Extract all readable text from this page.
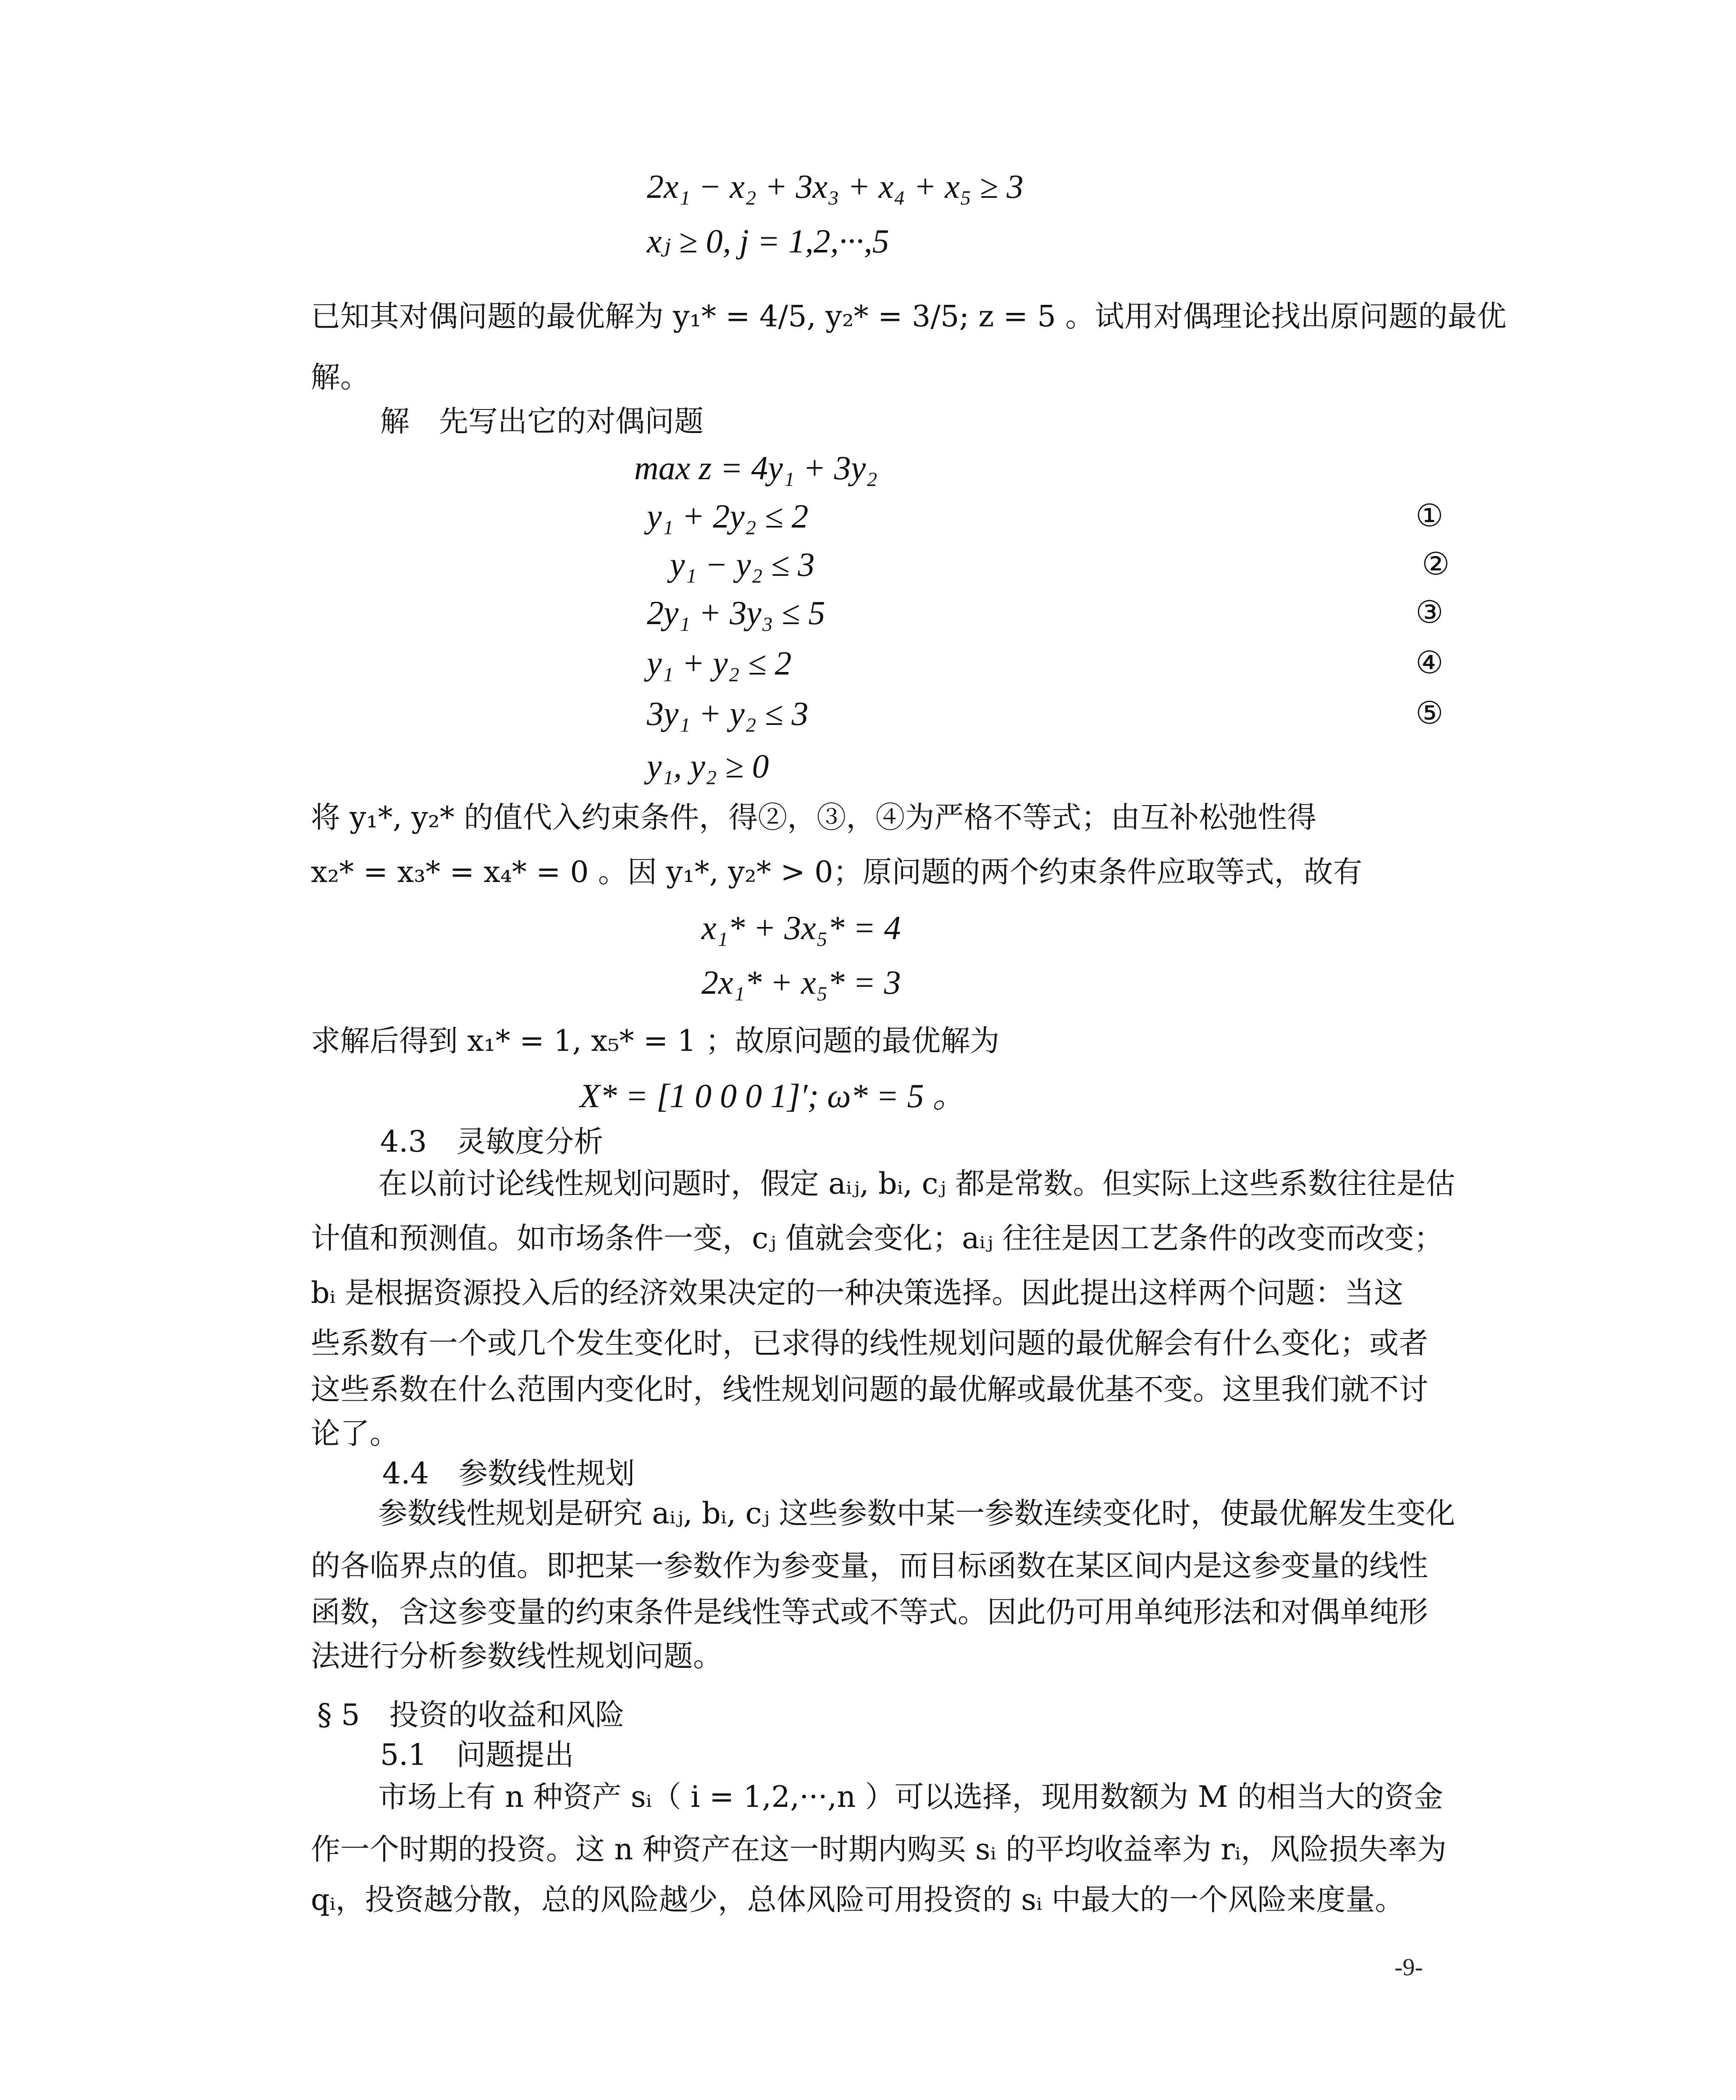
2x₁ − x₂ + 3x₃ + x₄ + x₅ ≥ 3
xⱼ ≥ 0, j = 1,2,···,5
已知其对偶问题的最优解为 y₁* = 4/5, y₂* = 3/5; z = 5 。试用对偶理论找出原问题的最优
解。
解　先写出它的对偶问题
max z = 4y₁ + 3y₂
y₁ + 2y₂ ≤ 2	①
y₁ − y₂ ≤ 3	②
2y₁ + 3y₃ ≤ 5	③
y₁ + y₂ ≤ 2	④
3y₁ + y₂ ≤ 3	⑤
y₁, y₂ ≥ 0
将 y₁*, y₂* 的值代入约束条件，得②，③，④为严格不等式；由互补松弛性得
x₂* = x₃* = x₄* = 0 。因 y₁*, y₂* > 0；原问题的两个约束条件应取等式，故有
x₁* + 3x₅* = 4
2x₁* + x₅* = 3
求解后得到 x₁* = 1, x₅* = 1 ；故原问题的最优解为
X* = [1 0 0 0 1]′; ω* = 5 。
4.3　灵敏度分析
在以前讨论线性规划问题时，假定 aᵢⱼ, bᵢ, cⱼ 都是常数。但实际上这些系数往往是估
计值和预测值。如市场条件一变，cⱼ 值就会变化；aᵢⱼ 往往是因工艺条件的改变而改变；
bᵢ 是根据资源投入后的经济效果决定的一种决策选择。因此提出这样两个问题：当这
些系数有一个或几个发生变化时，已求得的线性规划问题的最优解会有什么变化；或者
这些系数在什么范围内变化时，线性规划问题的最优解或最优基不变。这里我们就不讨
论了。
4.4　参数线性规划
参数线性规划是研究 aᵢⱼ, bᵢ, cⱼ 这些参数中某一参数连续变化时，使最优解发生变化
的各临界点的值。即把某一参数作为参变量，而目标函数在某区间内是这参变量的线性
函数，含这参变量的约束条件是线性等式或不等式。因此仍可用单纯形法和对偶单纯形
法进行分析参数线性规划问题。
§ 5　投资的收益和风险
5.1　问题提出
市场上有 n 种资产 sᵢ（ i = 1,2,···,n ）可以选择，现用数额为 M 的相当大的资金
作一个时期的投资。这 n 种资产在这一时期内购买 sᵢ 的平均收益率为 rᵢ，风险损失率为
qᵢ，投资越分散，总的风险越少，总体风险可用投资的 sᵢ 中最大的一个风险来度量。
-9-
